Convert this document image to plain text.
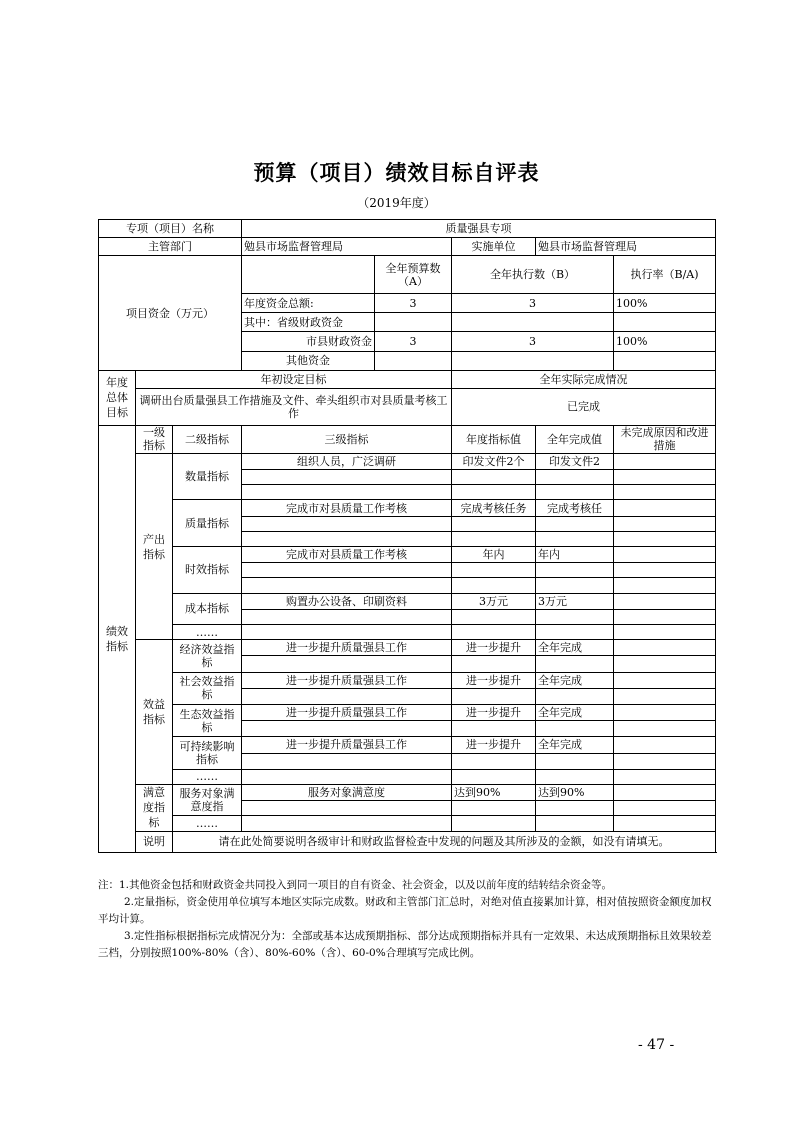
预算（项目）绩效目标自评表
（2019年度）
专项（项目）名称			质量强县专项				
主管部门			勉县市场监督管理局		实施单位	勉县市场监督管理局	
项目资金（万元）				全年预算数（A）	全年执行数（B）		执行率（B/A)
			年度资金总额:	3	3		100%
			其中：省级财政资金				
			市县财政资金	3	3		100%
			其他资金				
年度总体目标	年初设定目标				全年实际完成情况		
	调研出台质量强县工作措施及文件、牵头组织市对县质量考核工作				已完成		
绩效指标	一级指标	二级指标	三级指标		年度指标值	全年完成值	未完成原因和改进措施
	产出指标	数量指标	组织人员，广泛调研		印发文件2个	印发文件2	

		质量指标	完成市对县质量工作考核		完成考核任务	完成考核任	

		时效指标	完成市对县质量工作考核		年内	年内	

		成本指标	购置办公设备、印刷资料		3万元	3万元	

		……					
	效益指标	经济效益指标	进一步提升质量强县工作		进一步提升	全年完成	

		社会效益指标	进一步提升质量强县工作		进一步提升	全年完成	

		生态效益指标	进一步提升质量强县工作		进一步提升	全年完成	

		可持续影响指标	进一步提升质量强县工作		进一步提升	全年完成	

		……					
	满意度指标	服务对象满意度指	服务对象满意度		达到90%	达到90%	

		……					
	说明	请在此处简要说明各级审计和财政监督检查中发现的问题及其所涉及的金额，如没有请填无。					

注：1.其他资金包括和财政资金共同投入到同一项目的自有资金、社会资金，以及以前年度的结转结余资金等。

2.定量指标，资金使用单位填写本地区实际完成数。财政和主管部门汇总时，对绝对值直接累加计算，相对值按照资金额度加权平均计算。

3.定性指标根据指标完成情况分为：全部或基本达成预期指标、部分达成预期指标并具有一定效果、未达成预期指标且效果较差三档，分别按照100%-80%（含）、80%-60%（含）、60-0%合理填写完成比例。

- 47 -
